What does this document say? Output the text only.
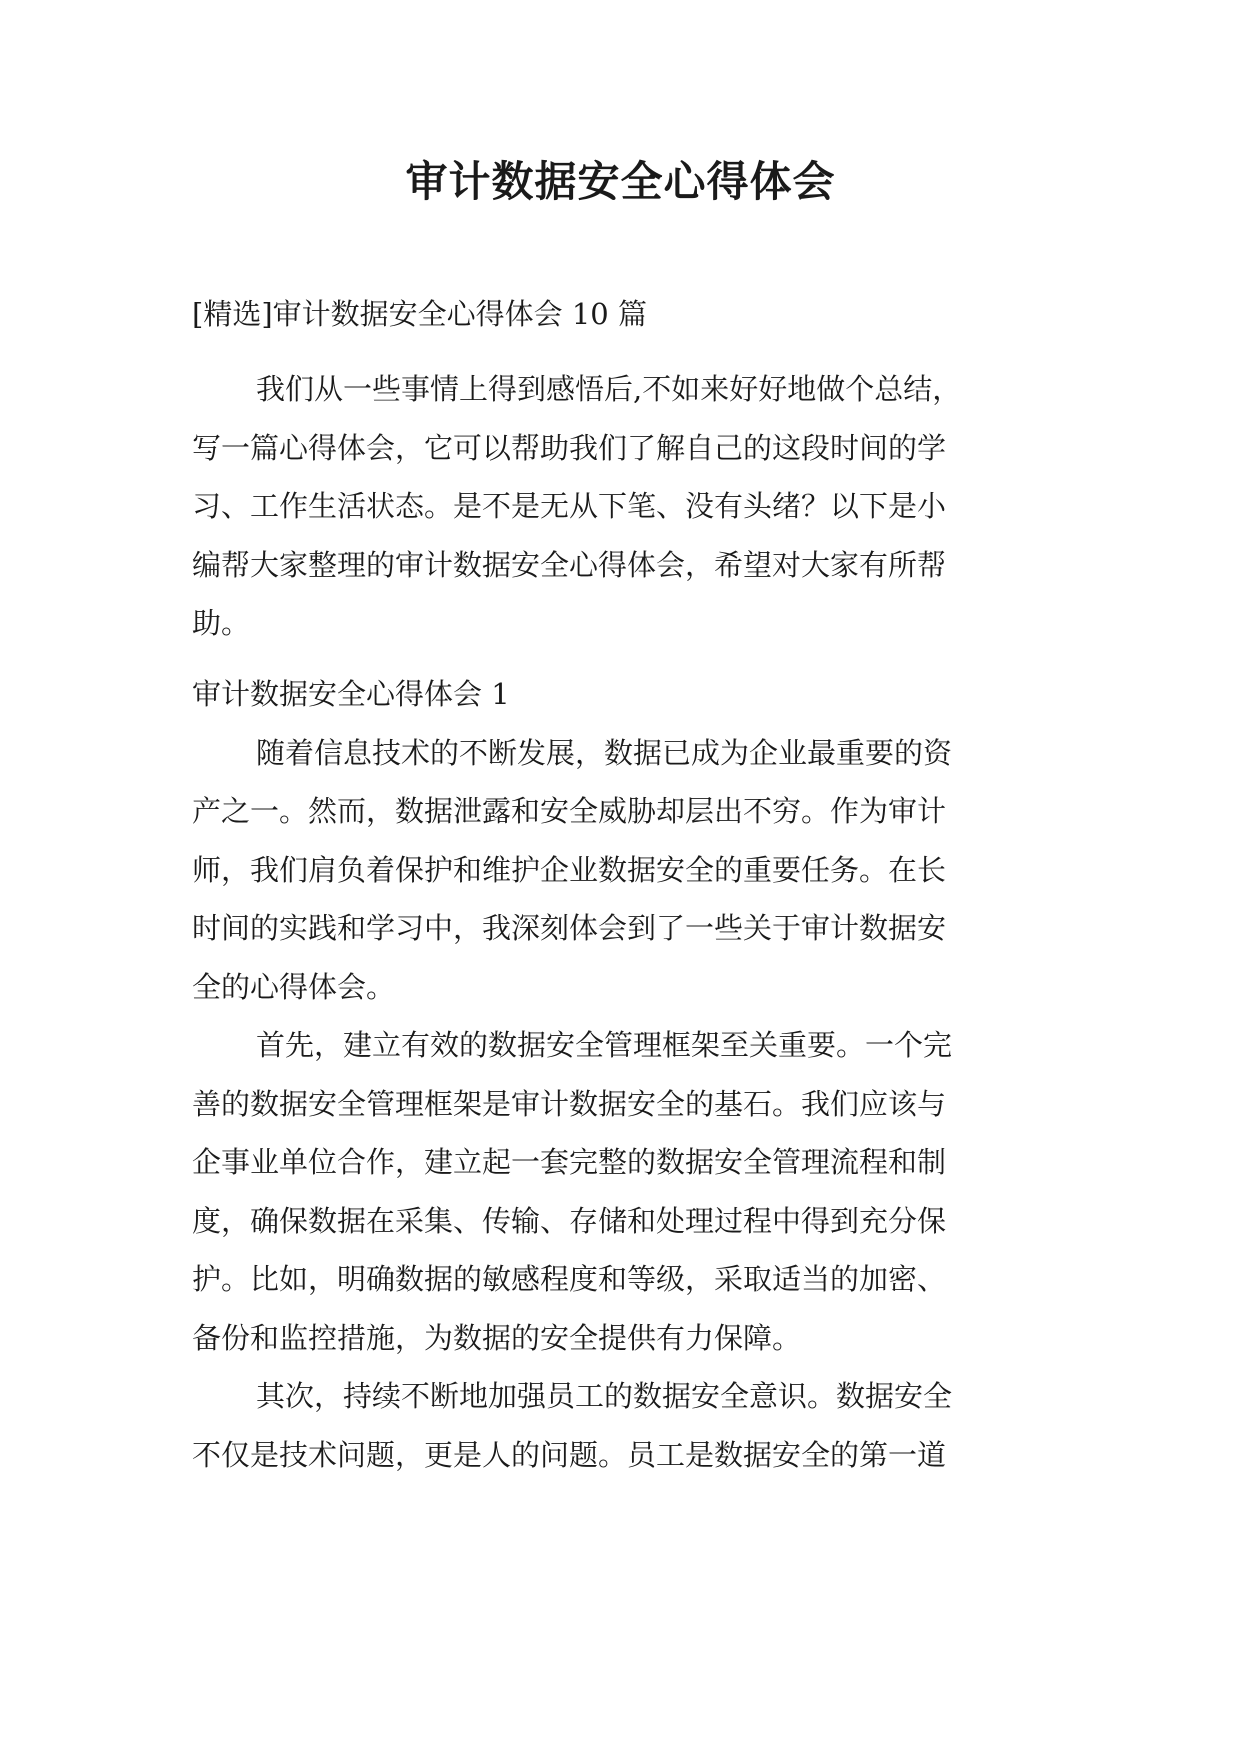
审计数据安全心得体会

[精选]审计数据安全心得体会 10 篇

我们从一些事情上得到感悟后,不如来好好地做个总结，
写一篇心得体会，它可以帮助我们了解自己的这段时间的学
习、工作生活状态。是不是无从下笔、没有头绪？以下是小
编帮大家整理的审计数据安全心得体会，希望对大家有所帮
助。

审计数据安全心得体会 1

随着信息技术的不断发展，数据已成为企业最重要的资
产之一。然而，数据泄露和安全威胁却层出不穷。作为审计
师，我们肩负着保护和维护企业数据安全的重要任务。在长
时间的实践和学习中，我深刻体会到了一些关于审计数据安
全的心得体会。

首先，建立有效的数据安全管理框架至关重要。一个完
善的数据安全管理框架是审计数据安全的基石。我们应该与
企事业单位合作，建立起一套完整的数据安全管理流程和制
度，确保数据在采集、传输、存储和处理过程中得到充分保
护。比如，明确数据的敏感程度和等级，采取适当的加密、
备份和监控措施，为数据的安全提供有力保障。

其次，持续不断地加强员工的数据安全意识。数据安全
不仅是技术问题，更是人的问题。员工是数据安全的第一道
